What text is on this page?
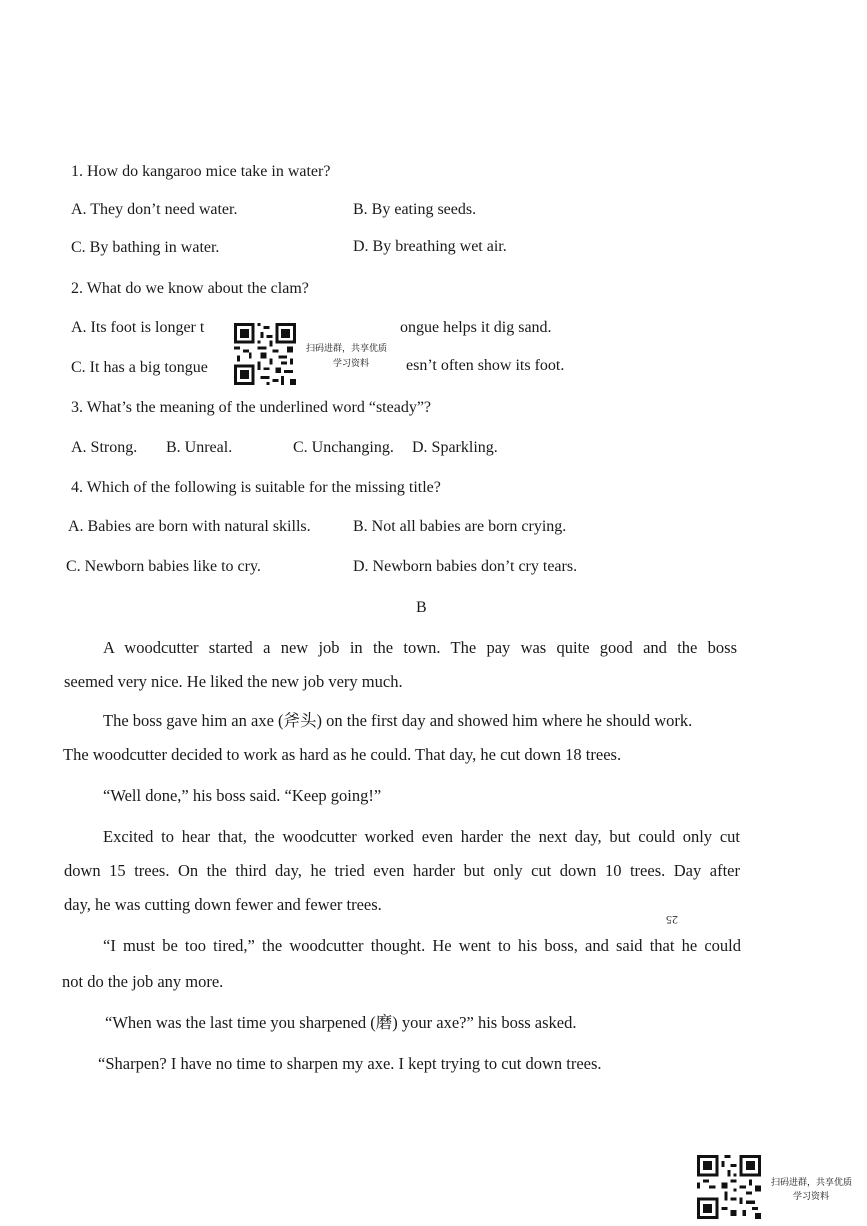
1. How do kangaroo mice take in water?
A. They don’t need water.	B. By eating seeds.
C. By bathing in water.	D. By breathing wet air.
2. What do we know about the clam?
A. Its foot is longer t	ongue helps it dig sand.
C. It has a big tongue	esn’t often show its foot.
3. What’s the meaning of the underlined word “steady”?
A. Strong. B. Unreal.	C. Unchanging. D. Sparkling.
4. Which of the following is suitable for the missing title?
A. Babies are born with natural skills.	B. Not all babies are born crying.
C. Newborn babies like to cry.	D. Newborn babies don’t cry tears.
B
A woodcutter started a new job in the town. The pay was quite good and the boss
seemed very nice. He liked the new job very much.
The boss gave him an axe (斧头) on the first day and showed him where he should work.
The woodcutter decided to work as hard as he could. That day, he cut down 18 trees.
“Well done,” his boss said. “Keep going!”
Excited to hear that, the woodcutter worked even harder the next day, but could only cut
down 15 trees. On the third day, he tried even harder but only cut down 10 trees. Day after
day, he was cutting down fewer and fewer trees.
“I must be too tired,” the woodcutter thought. He went to his boss, and said that he could
not do the job any more.
“When was the last time you sharpened (磨) your axe?” his boss asked.
“Sharpen? I have no time to sharpen my axe. I kept trying to cut down trees.
25
扫码进群，共享优质
学习资料
扫码进群，共享优质
学习资料
